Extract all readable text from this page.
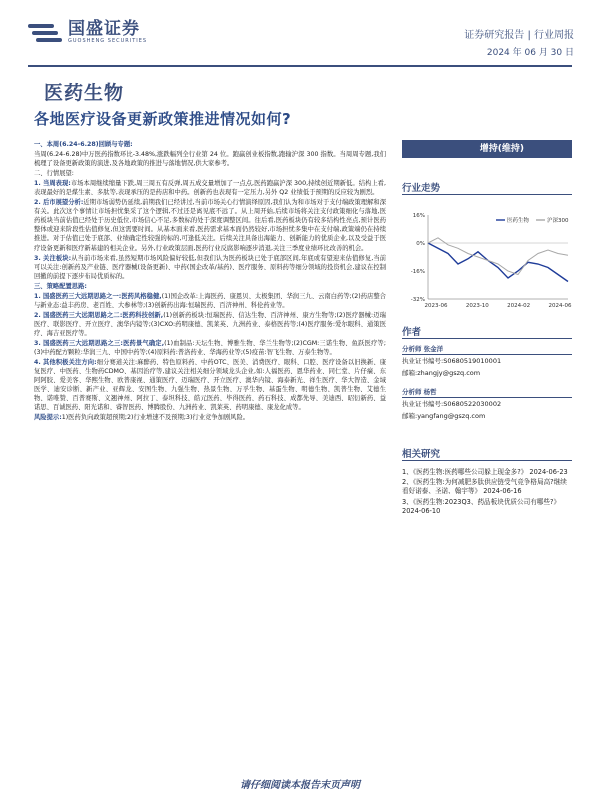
国盛证券
GUOSHENG SECURITIES	证券研究报告 | 行业周报
2024 年 06 月 30 日
医药生物
各地医疗设备更新政策推进情况如何?

一、本周(6.24-6.28)回顾与专题:

当周(6.24-6.28)中万医药指数环比-3.48%,涨跌幅列全行业第 24 位。跑赢创业板指数,跑输沪深 300 指数。当周周专题,我们梳理了设备更新政策的演进,及各地政策的推进与落地情况,供大家参考。

二、行情展望:

1. 当周表现:市场本周继续缩量下跌,周三周五有反弹,周五成交量增加了一点点,医药跑赢沪深 300,持续创近期新低。结构上看,表现最好的是煤生素、多肽等,表现承压的是药店和中药。创新药也表现有一定压力,另外 Q2 业绩低于预期的反应较为剧烈。

2. 后市展望分析:近期市场弱势仍延续,前期我们已经讲过,当前市场关心行情演绎原因,我们认为和市场对于支付端政策理解和深有关。此次这个事情让市场担忧集采了这个逻辑,不过还是离见底不远了。从上周开始,后续市场将关注支付政策细化与落地,医药板块当前估值已经处于历史低位,市场信心不足,多数标的处于深度调整区间。往后看,医药板块仍有较多结构性亮点,预计医药整体或迎来阶段性估值修复,但这需要时间。从基本面来看,医药需求基本面仍然较好,市场担忧多集中在支付端,政策端仍在持续推进。对于估值已处于底部、业绩确定性较强的标的,可逢低关注。后续关注具备出海能力、创新能力的优质企业,以及受益于医疗设备更新和医疗新基建的相关企业。另外,行业政策层面,医药行业反腐影响逐步消退,关注三季度业绩环比改善的机会。

3. 关注板块:从当前市场来看,虽然短期市场风险偏好较低,但我们认为医药板块已处于底部区间,年底或有望迎来估值修复,当前可以关注:创新药及产业链、医疗器械(设备更新)、中药(国企改革/基药)、医疗服务、原料药等细分领域的投资机会,建议在控制回撤的前提下逐步布局优质标的。

三、策略配置思路:

1. 国盛医药三大远期思路之一:医药风格稳健,(1)国企改革:上海医药、康恩贝、太极集团、华润三九、云南白药等;(2)药店整合与新业态:益丰药房、老百姓、大参林等;(3)创新药出海:恒瑞医药、百济神州、科伦药业等。

2. 国盛医药三大远期思路之二:医药科技创新,(1)创新药板块:恒瑞医药、信达生物、百济神州、康方生物等;(2)医疗器械:迈瑞医疗、联影医疗、开立医疗、澳华内镜等;(3)CXO:药明康德、凯莱英、九洲药业、泰格医药等;(4)医疗服务:爱尔眼科、通策医疗、海吉亚医疗等。

3. 国盛医药三大远期思路之三:医药景气确定,(1)血制品:天坛生物、博雅生物、华兰生物等;(2)CGM:三诺生物、鱼跃医疗等;(3)中药配方颗粒:华润三九、中国中药等;(4)原料药:普洛药业、华海药业等;(5)疫苗:智飞生物、万泰生物等。

4. 其他积极关注方向:细分赛道关注:麻醉药、特色原料药、中药OTC、医美、消费医疗、眼科、口腔、医疗设备以旧换新、康复医疗、中医药、生物药CDMO、基因治疗等,建议关注相关细分领域龙头企业,如:人福医药、恩华药业、同仁堂、片仔癀、东阿阿胶、爱美客、华熙生物、欧普康视、通策医疗、迈瑞医疗、开立医疗、澳华内镜、海泰新光、祥生医疗、华大智造、金域医学、迪安诊断、新产业、亚辉龙、安图生物、九强生物、热景生物、万孚生物、基蛋生物、明德生物、凯普生物、艾德生物、诺唯赞、百普赛斯、义翘神州、阿拉丁、泰坦科技、皓元医药、毕得医药、药石科技、成都先导、美迪西、昭衍新药、益诺思、百诚医药、阳光诺和、睿智医药、博腾股份、九洲药业、凯莱英、药明康德、康龙化成等。

风险提示:1)医药负向政策超预期;2)行业增速不及预期;3)行业竞争加剧风险。

增持(维持)
行业走势
16%
0%
-16%
-32%
2023-06	2023-10	2024-02	2024-06
医药生物	沪深300
作者
分析师 张金洋
执业证书编号:S0680519010001
邮箱:zhangjy@gszq.com
分析师 杨哲
执业证书编号:S0680522030002
邮箱:yangfang@gszq.com
相关研究

1、《医药生物:医药哪些公司躲上现金多?》 2024-06-23

2、《医药生物:为何减肥多肽供应链受气竞争格局高?继续看好诺泰、圣诺、翰宇等》 2024-06-16

3、《医药生物:2023Q3、药品板块优质公司有哪些?》 2024-06-10

请仔细阅读本报告末页声明
